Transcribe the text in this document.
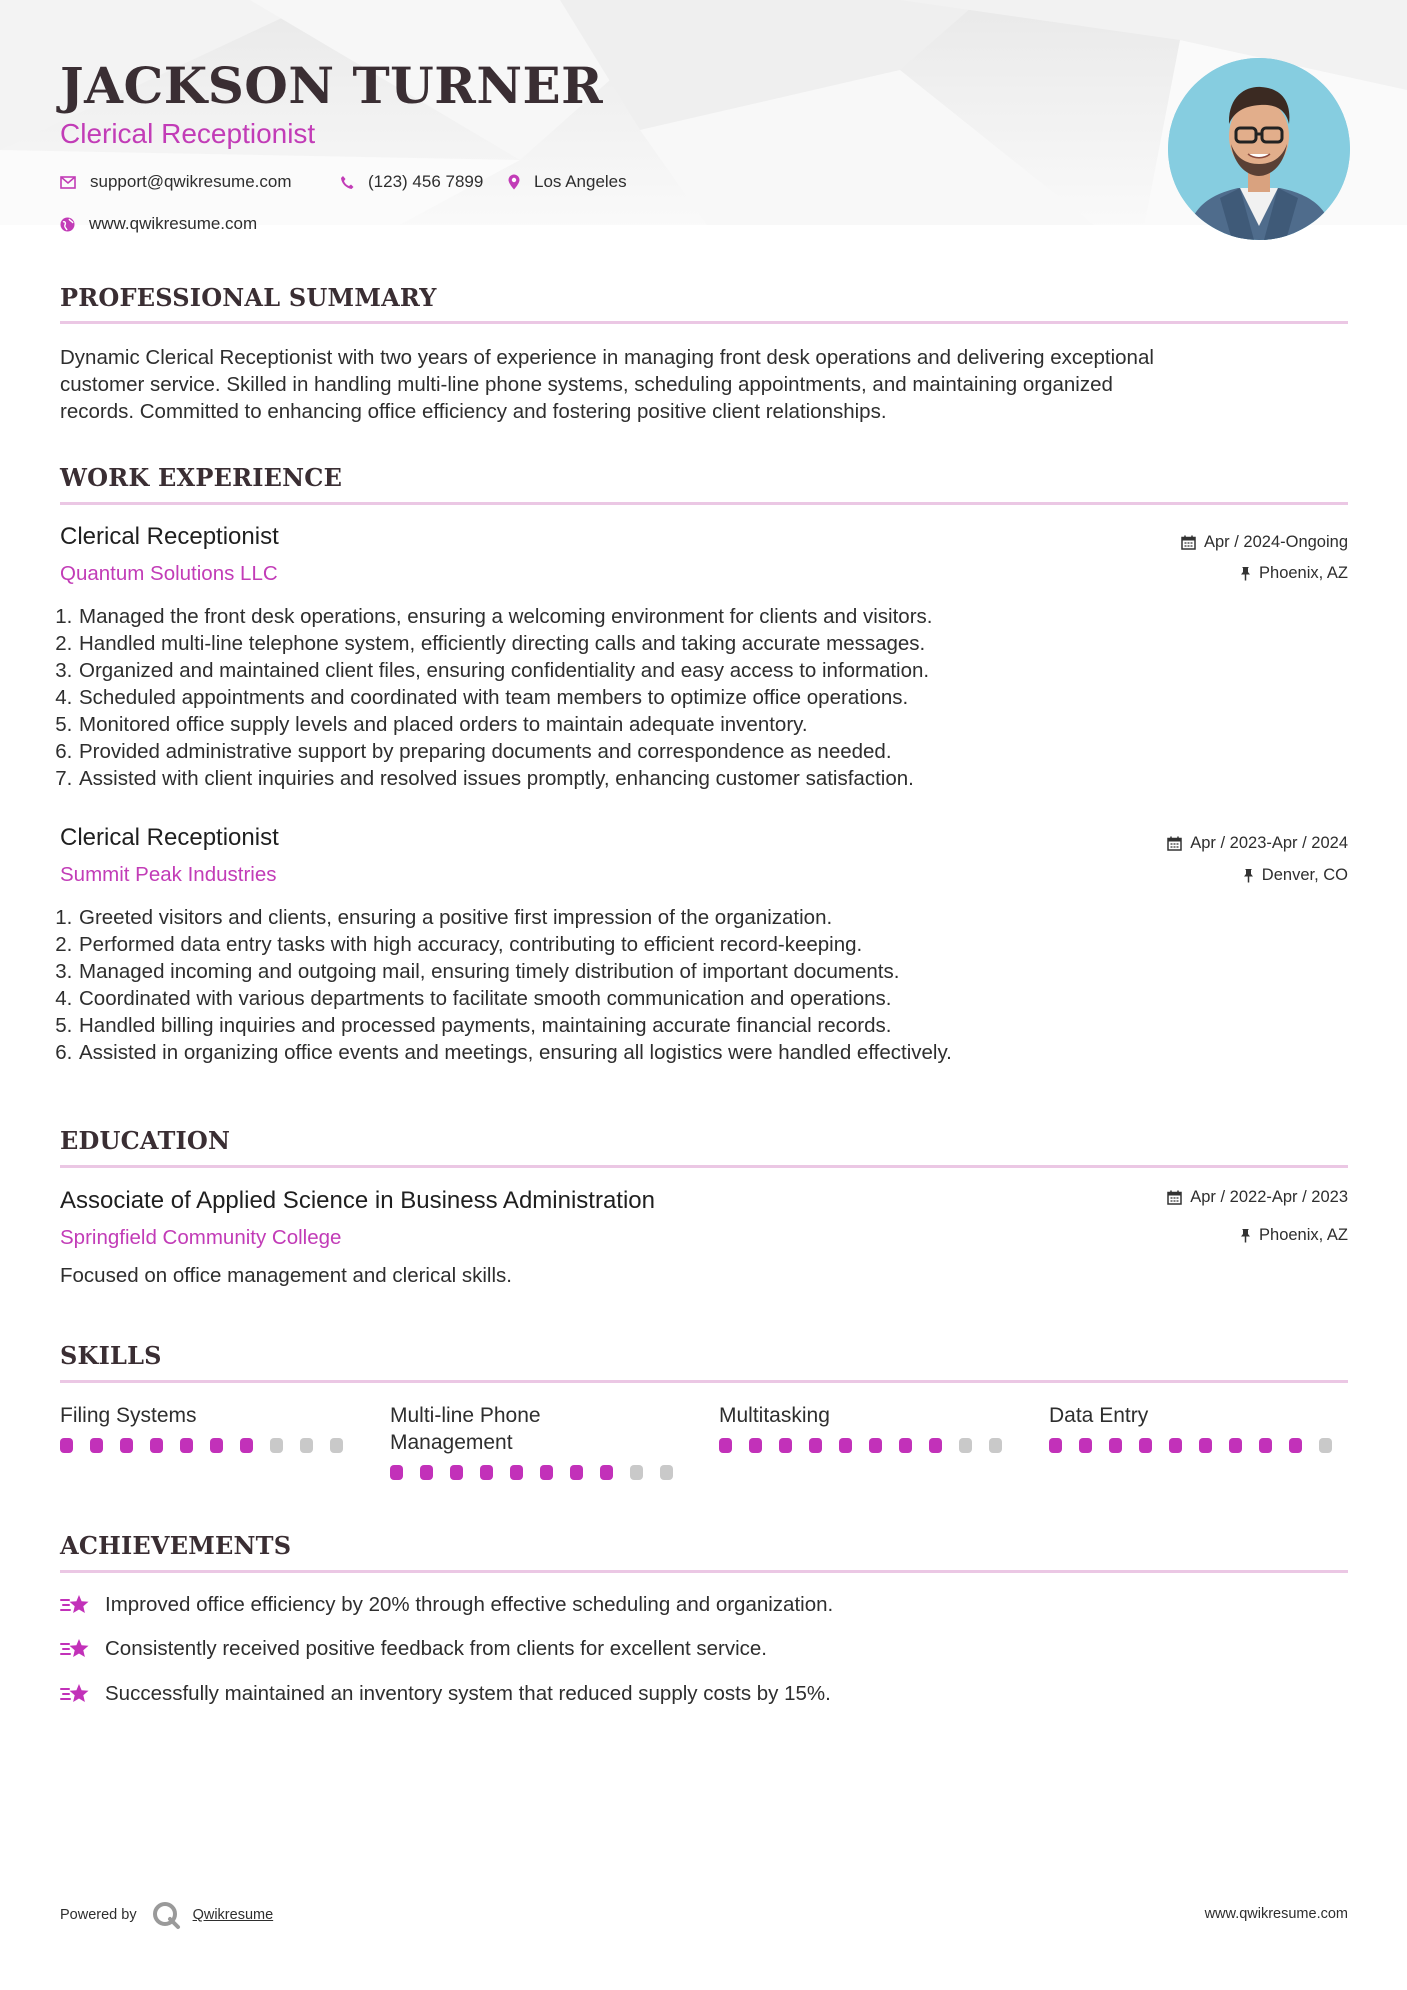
JACKSON TURNER
Clerical Receptionist
support@qwikresume.com	(123) 456 7899	Los Angeles
www.qwikresume.com
PROFESSIONAL SUMMARY
Dynamic Clerical Receptionist with two years of experience in managing front desk operations and delivering exceptional
customer service. Skilled in handling multi-line phone systems, scheduling appointments, and maintaining organized
records. Committed to enhancing office efficiency and fostering positive client relationships.
WORK EXPERIENCE
Clerical Receptionist
Quantum Solutions LLC
Apr / 2024-Ongoing
Phoenix, AZ
1. Managed the front desk operations, ensuring a welcoming environment for clients and visitors.
2. Handled multi-line telephone system, efficiently directing calls and taking accurate messages.
3. Organized and maintained client files, ensuring confidentiality and easy access to information.
4. Scheduled appointments and coordinated with team members to optimize office operations.
5. Monitored office supply levels and placed orders to maintain adequate inventory.
6. Provided administrative support by preparing documents and correspondence as needed.
7. Assisted with client inquiries and resolved issues promptly, enhancing customer satisfaction.
Clerical Receptionist
Summit Peak Industries
Apr / 2023-Apr / 2024
Denver, CO
1. Greeted visitors and clients, ensuring a positive first impression of the organization.
2. Performed data entry tasks with high accuracy, contributing to efficient record-keeping.
3. Managed incoming and outgoing mail, ensuring timely distribution of important documents.
4. Coordinated with various departments to facilitate smooth communication and operations.
5. Handled billing inquiries and processed payments, maintaining accurate financial records.
6. Assisted in organizing office events and meetings, ensuring all logistics were handled effectively.
EDUCATION
Associate of Applied Science in Business Administration
Springfield Community College
Apr / 2022-Apr / 2023
Phoenix, AZ
Focused on office management and clerical skills.
SKILLS
Filing Systems	Multi-line Phone
Management
Multitasking	Data Entry
ACHIEVEMENTS
Improved office efficiency by 20% through effective scheduling and organization.
Consistently received positive feedback from clients for excellent service.
Successfully maintained an inventory system that reduced supply costs by 15%.
Powered by	Qwikresume	www.qwikresume.com
